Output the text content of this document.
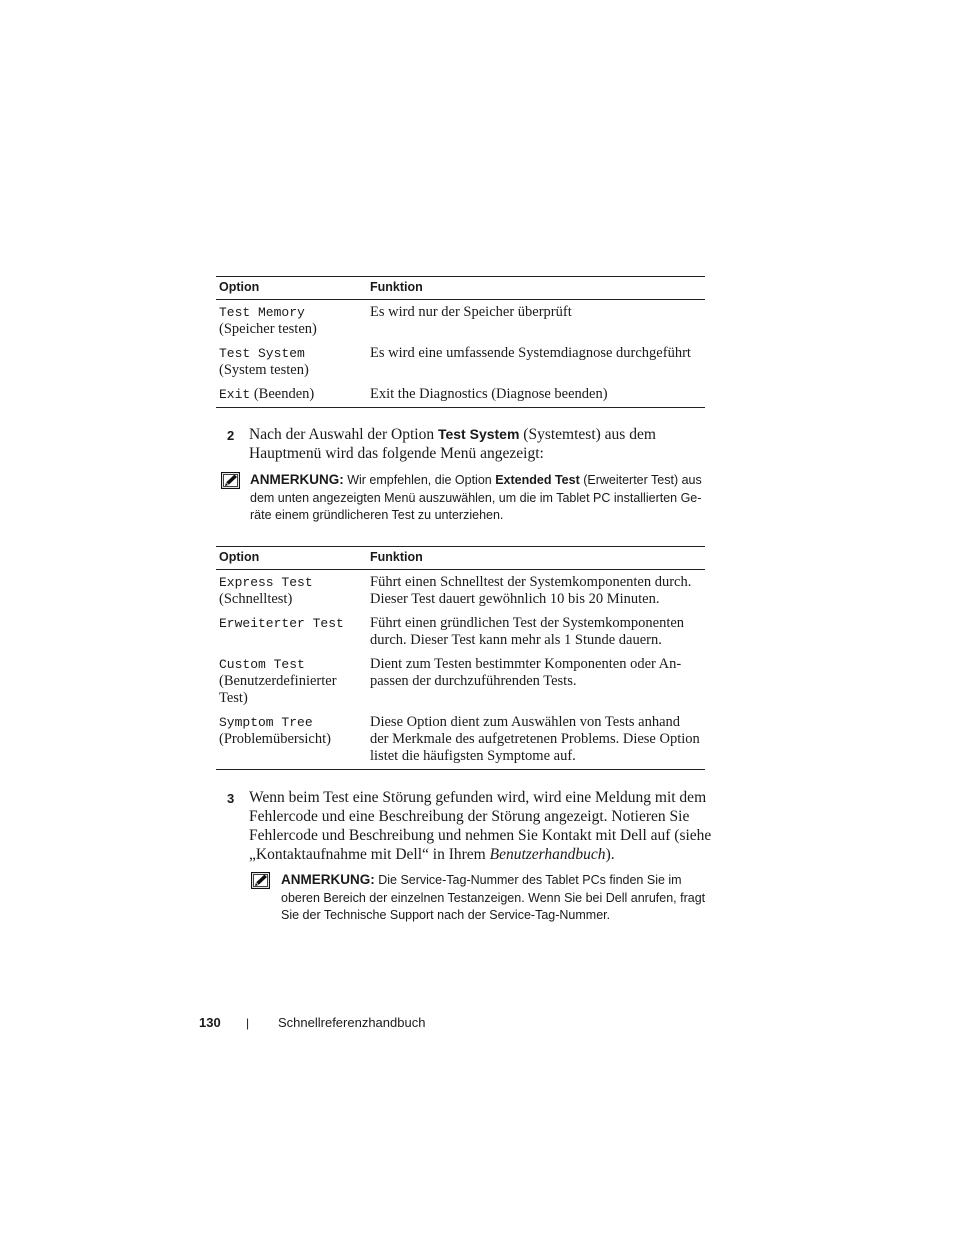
Option	Funktion
Test Memory
(Speicher testen)	Es wird nur der Speicher überprüft
Test System
(System testen)	Es wird eine umfassende Systemdiagnose durchgeführt
Exit (Beenden)	Exit the Diagnostics (Diagnose beenden)
2 Nach der Auswahl der Option Test System (Systemtest) aus dem
Hauptmenü wird das folgende Menü angezeigt:
ANMERKUNG: Wir empfehlen, die Option Extended Test (Erweiterter Test) aus
dem unten angezeigten Menü auszuwählen, um die im Tablet PC installierten Ge-
räte einem gründlicheren Test zu unterziehen.
Option	Funktion
Express Test
(Schnelltest)	Führt einen Schnelltest der Systemkomponenten durch.
Dieser Test dauert gewöhnlich 10 bis 20 Minuten.
Erweiterter Test	Führt einen gründlichen Test der Systemkomponenten
durch. Dieser Test kann mehr als 1 Stunde dauern.
Custom Test
(Benutzerdefinierter
Test)	Dient zum Testen bestimmter Komponenten oder An-
passen der durchzuführenden Tests.
Symptom Tree
(Problemübersicht)	Diese Option dient zum Auswählen von Tests anhand
der Merkmale des aufgetretenen Problems. Diese Option
listet die häufigsten Symptome auf.
3 Wenn beim Test eine Störung gefunden wird, wird eine Meldung mit dem
Fehlercode und eine Beschreibung der Störung angezeigt. Notieren Sie
Fehlercode und Beschreibung und nehmen Sie Kontakt mit Dell auf (siehe
„Kontaktaufnahme mit Dell“ in Ihrem Benutzerhandbuch).
ANMERKUNG: Die Service-Tag-Nummer des Tablet PCs finden Sie im
oberen Bereich der einzelnen Testanzeigen. Wenn Sie bei Dell anrufen, fragt
Sie der Technische Support nach der Service-Tag-Nummer.
130 | Schnellreferenzhandbuch
